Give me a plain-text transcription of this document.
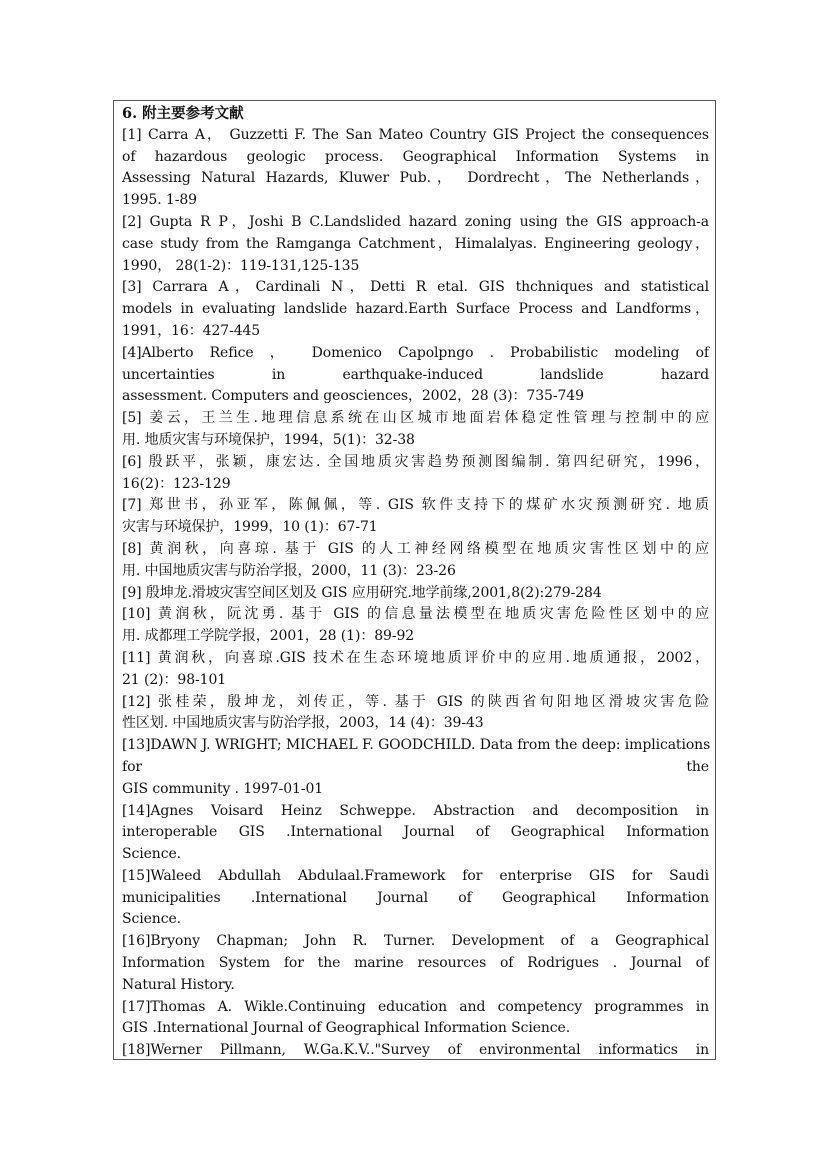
6. 附主要参考文献
[1] Carra A， Guzzetti F. The San Mateo Country GIS Project the consequences
of hazardous geologic process. Geographical Information Systems in
Assessing Natural Hazards, Kluwer Pub.， Dordrecht，The Netherlands，
1995. 1-89
[2] Gupta R P，Joshi B C.Landslided hazard zoning using the GIS approach-a
case study from the Ramganga Catchment，Himalalyas. Engineering geology，
1990， 28(1-2)：119-131,125-135
[3] Carrara A，Cardinali N，Detti R etal. GIS thchniques and statistical
models in evaluating landslide hazard.Earth Surface Process and Landforms，
1991，16：427-445
[4]Alberto Refice ， Domenico Capolpngo . Probabilistic modeling of
uncertainties in earthquake-induced landslide hazard
assessment. Computers and geosciences，2002，28 (3)：735-749
[5] 姜云，王兰生.地理信息系统在山区城市地面岩体稳定性管理与控制中的应
用. 地质灾害与环境保护，1994，5(1)：32-38
[6] 殷跃平，张颖，康宏达. 全国地质灾害趋势预测图编制. 第四纪研究，1996，
16(2)：123-129
[7] 郑世书，孙亚军，陈佩佩，等. GIS 软件支持下的煤矿水灾预测研究. 地质
灾害与环境保护，1999，10 (1)：67-71
[8] 黄润秋，向喜琼. 基于 GIS 的人工神经网络模型在地质灾害性区划中的应
用. 中国地质灾害与防治学报，2000，11 (3)：23-26
[9] 殷坤龙.滑坡灾害空间区划及 GIS 应用研究.地学前缘,2001,8(2):279-284
[10] 黄润秋，阮沈勇. 基于 GIS 的信息量法模型在地质灾害危险性区划中的应
用. 成都理工学院学报，2001，28 (1)：89-92
[11] 黄润秋，向喜琼.GIS 技术在生态环境地质评价中的应用.地质通报，2002，
21 (2)：98-101
[12] 张桂荣，殷坤龙，刘传正，等. 基于 GIS 的陕西省旬阳地区滑坡灾害危险
性区划. 中国地质灾害与防治学报，2003，14 (4)：39-43
[13]DAWN J. WRIGHT; MICHAEL F. GOODCHILD. Data from the deep: implications
for the
GIS community . 1997-01-01
[14]Agnes Voisard Heinz Schweppe. Abstraction and decomposition in
interoperable GIS .International Journal of Geographical Information
Science.
[15]Waleed Abdullah Abdulaal.Framework for enterprise GIS for Saudi
municipalities .International Journal of Geographical Information
Science.
[16]Bryony Chapman; John R. Turner. Development of a Geographical
Information System for the marine resources of Rodrigues . Journal of
Natural History.
[17]Thomas A. Wikle.Continuing education and competency programmes in
GIS .International Journal of Geographical Information Science.
[18]Werner Pillmann, W.Ga.K.V.."Survey of environmental informatics in
